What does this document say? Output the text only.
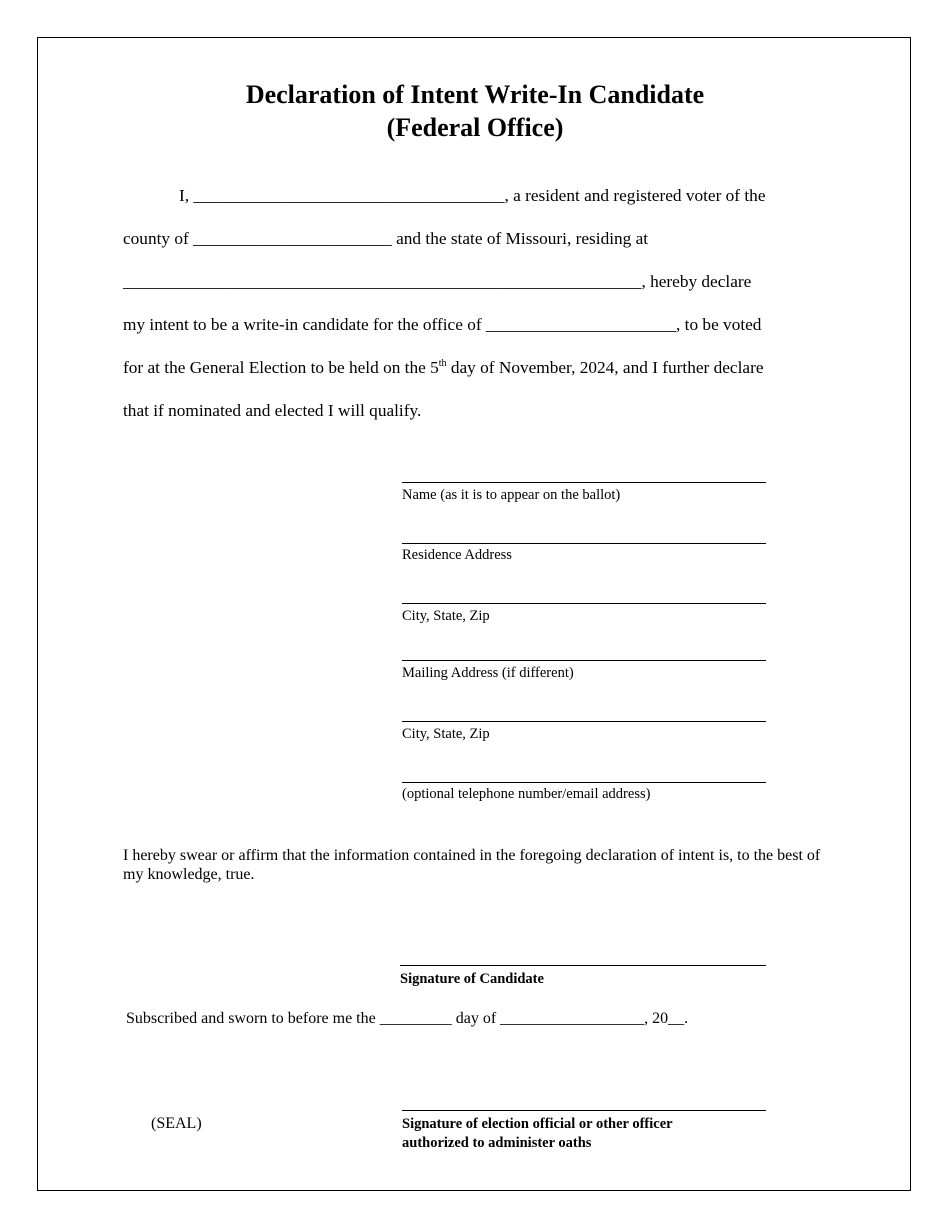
Declaration of Intent Write-In Candidate
(Federal Office)
I, ____________________________________, a resident and registered voter of the
county of _______________________ and the state of Missouri, residing at
____________________________________________________________, hereby declare
my intent to be a write-in candidate for the office of ______________________, to be voted
for at the General Election to be held on the 5th day of November, 2024, and I further declare
that if nominated and elected I will qualify.
Name (as it is to appear on the ballot)
Residence Address
City, State, Zip
Mailing Address (if different)
City, State, Zip
(optional telephone number/email address)
I hereby swear or affirm that the information contained in the foregoing declaration of intent is, to the best of my knowledge, true.
Signature of Candidate
Subscribed and sworn to before me the _________ day of __________________, 20__.
(SEAL)	Signature of election official or other officer
authorized to administer oaths
